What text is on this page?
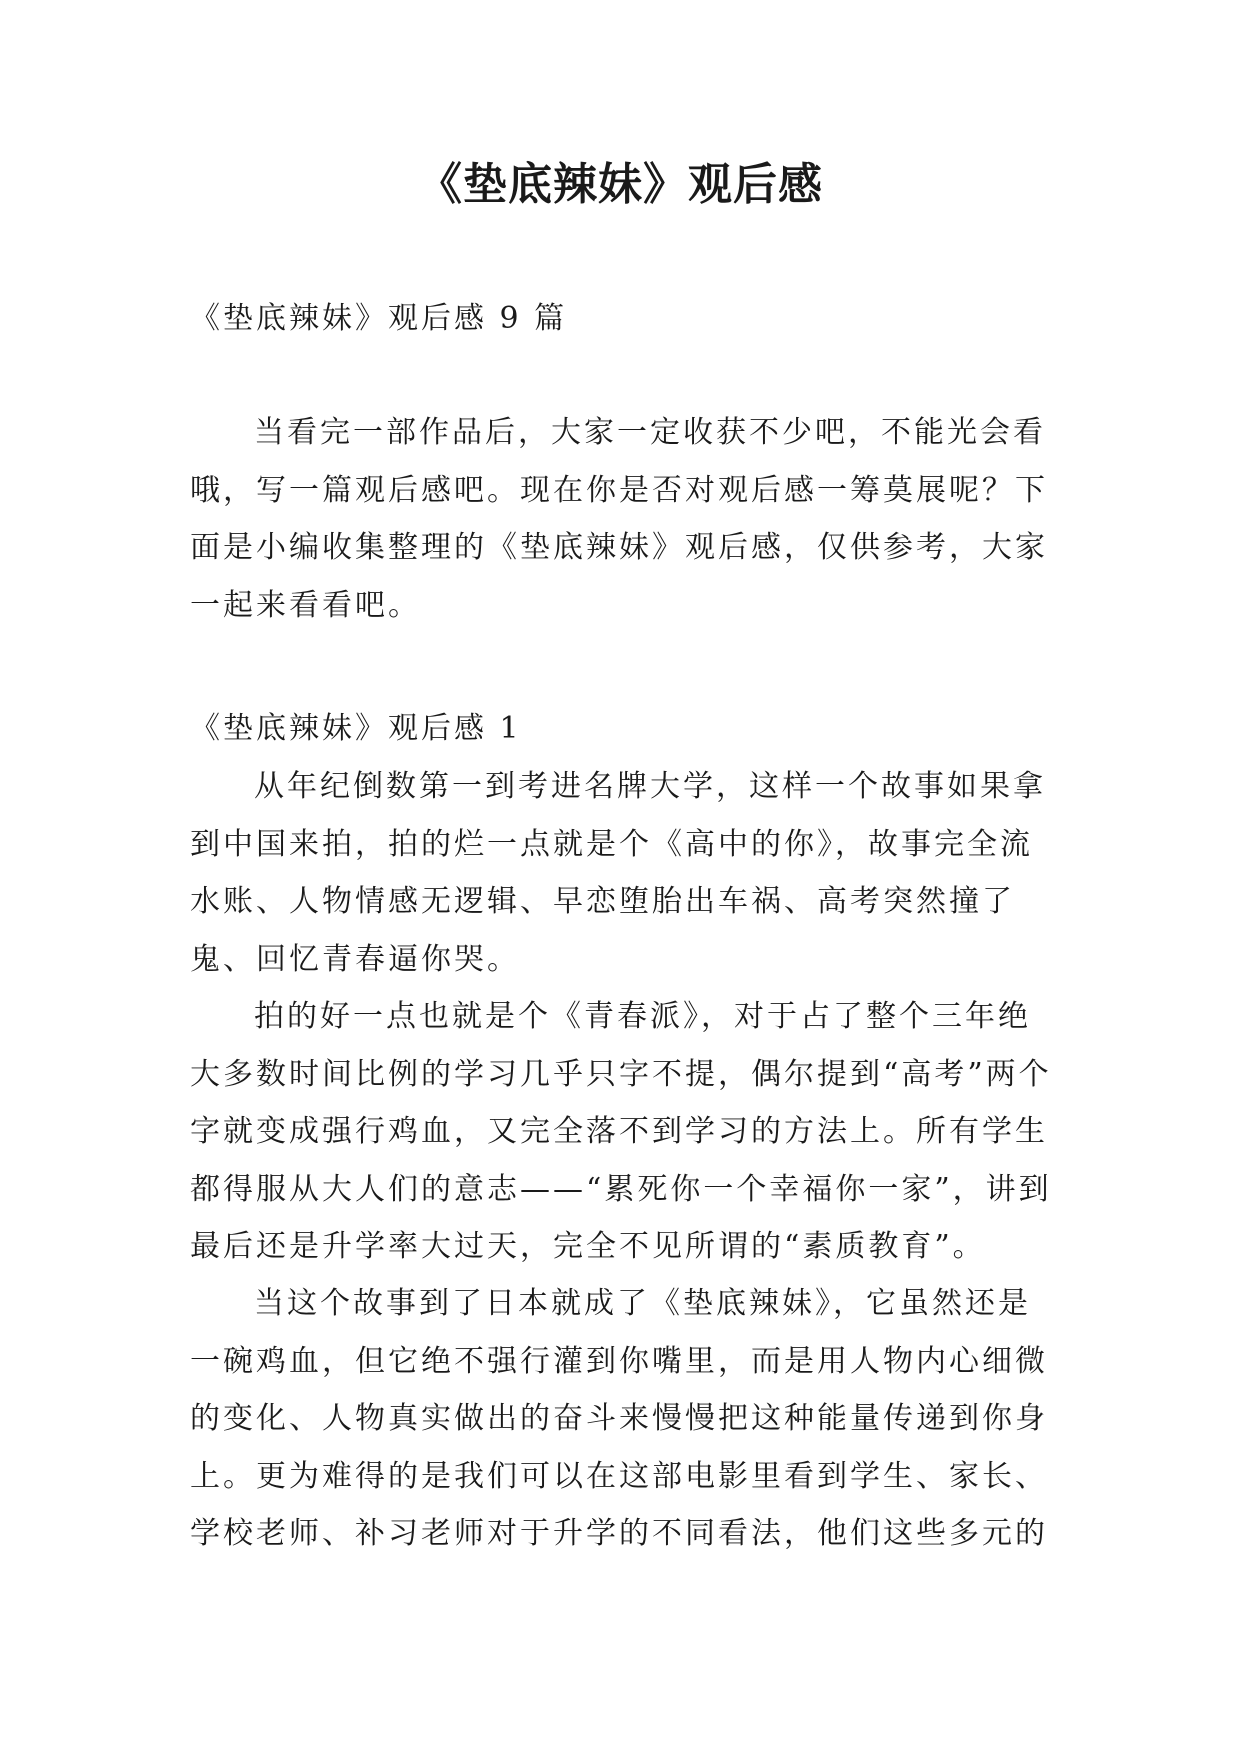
《垫底辣妹》观后感

《垫底辣妹》观后感 9 篇

当看完一部作品后，大家一定收获不少吧，不能光会看哦，写一篇观后感吧。现在你是否对观后感一筹莫展呢？下面是小编收集整理的《垫底辣妹》观后感，仅供参考，大家一起来看看吧。

《垫底辣妹》观后感 1

从年纪倒数第一到考进名牌大学，这样一个故事如果拿到中国来拍，拍的烂一点就是个《高中的你》，故事完全流水账、人物情感无逻辑、早恋堕胎出车祸、高考突然撞了鬼、回忆青春逼你哭。

拍的好一点也就是个《青春派》，对于占了整个三年绝大多数时间比例的学习几乎只字不提，偶尔提到“高考”两个字就变成强行鸡血，又完全落不到学习的方法上。所有学生都得服从大人们的意志——“累死你一个幸福你一家”，讲到最后还是升学率大过天，完全不见所谓的“素质教育”。

当这个故事到了日本就成了《垫底辣妹》，它虽然还是一碗鸡血，但它绝不强行灌到你嘴里，而是用人物内心细微的变化、人物真实做出的奋斗来慢慢把这种能量传递到你身上。更为难得的是我们可以在这部电影里看到学生、家长、学校老师、补习老师对于升学的不同看法，他们这些多元的
